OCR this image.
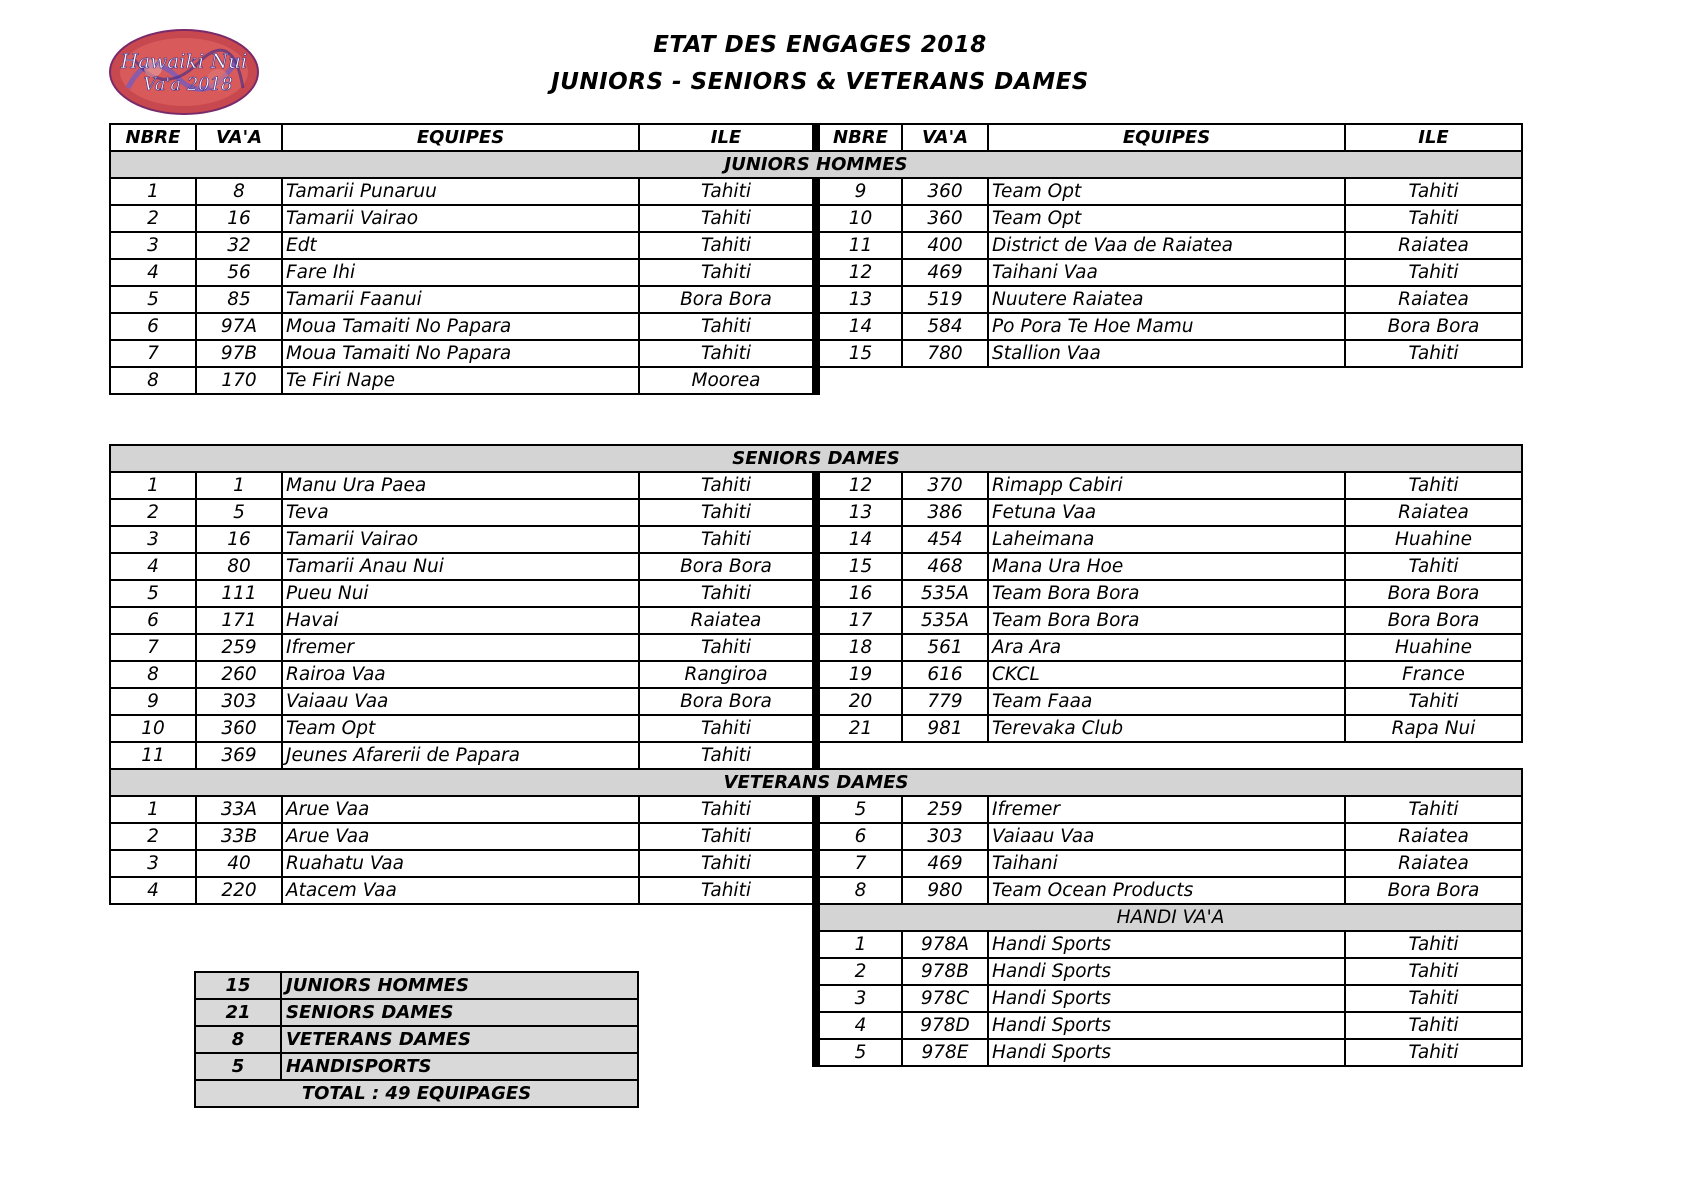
Hawaiki Nui
Va'a 2018
ETAT DES ENGAGES 2018
JUNIORS - SENIORS & VETERANS DAMES
NBRE	VA'A	EQUIPES	ILE	NBRE	VA'A	EQUIPES	ILE
JUNIORS HOMMES							
1	8	Tamarii Punaruu	Tahiti	9	360	Team Opt	Tahiti
2	16	Tamarii Vairao	Tahiti	10	360	Team Opt	Tahiti
3	32	Edt	Tahiti	11	400	District de Vaa de Raiatea	Raiatea
4	56	Fare Ihi	Tahiti	12	469	Taihani Vaa	Tahiti
5	85	Tamarii Faanui	Bora Bora	13	519	Nuutere Raiatea	Raiatea
6	97A	Moua Tamaiti No Papara	Tahiti	14	584	Po Pora Te Hoe Mamu	Bora Bora
7	97B	Moua Tamaiti No Papara	Tahiti	15	780	Stallion Vaa	Tahiti
8	170	Te Firi Nape	Moorea				
SENIORS DAMES							
1	1	Manu Ura Paea	Tahiti	12	370	Rimapp Cabiri	Tahiti
2	5	Teva	Tahiti	13	386	Fetuna Vaa	Raiatea
3	16	Tamarii Vairao	Tahiti	14	454	Laheimana	Huahine
4	80	Tamarii Anau Nui	Bora Bora	15	468	Mana Ura Hoe	Tahiti
5	111	Pueu Nui	Tahiti	16	535A	Team Bora Bora	Bora Bora
6	171	Havai	Raiatea	17	535A	Team Bora Bora	Bora Bora
7	259	Ifremer	Tahiti	18	561	Ara Ara	Huahine
8	260	Rairoa Vaa	Rangiroa	19	616	CKCL	France
9	303	Vaiaau Vaa	Bora Bora	20	779	Team Faaa	Tahiti
10	360	Team Opt	Tahiti	21	981	Terevaka Club	Rapa Nui
11	369	Jeunes Afarerii de Papara	Tahiti				
VETERANS DAMES							
1	33A	Arue Vaa	Tahiti	5	259	Ifremer	Tahiti
2	33B	Arue Vaa	Tahiti	6	303	Vaiaau Vaa	Raiatea
3	40	Ruahatu Vaa	Tahiti	7	469	Taihani	Raiatea
4	220	Atacem Vaa	Tahiti	8	980	Team Ocean Products	Bora Bora
				HANDI VA'A			
				1	978A	Handi Sports	Tahiti
				2	978B	Handi Sports	Tahiti
				3	978C	Handi Sports	Tahiti
				4	978D	Handi Sports	Tahiti
				5	978E	Handi Sports	Tahiti
15	JUNIORS HOMMES
21	SENIORS DAMES
8	VETERANS DAMES
5	HANDISPORTS
TOTAL : 49 EQUIPAGES	
